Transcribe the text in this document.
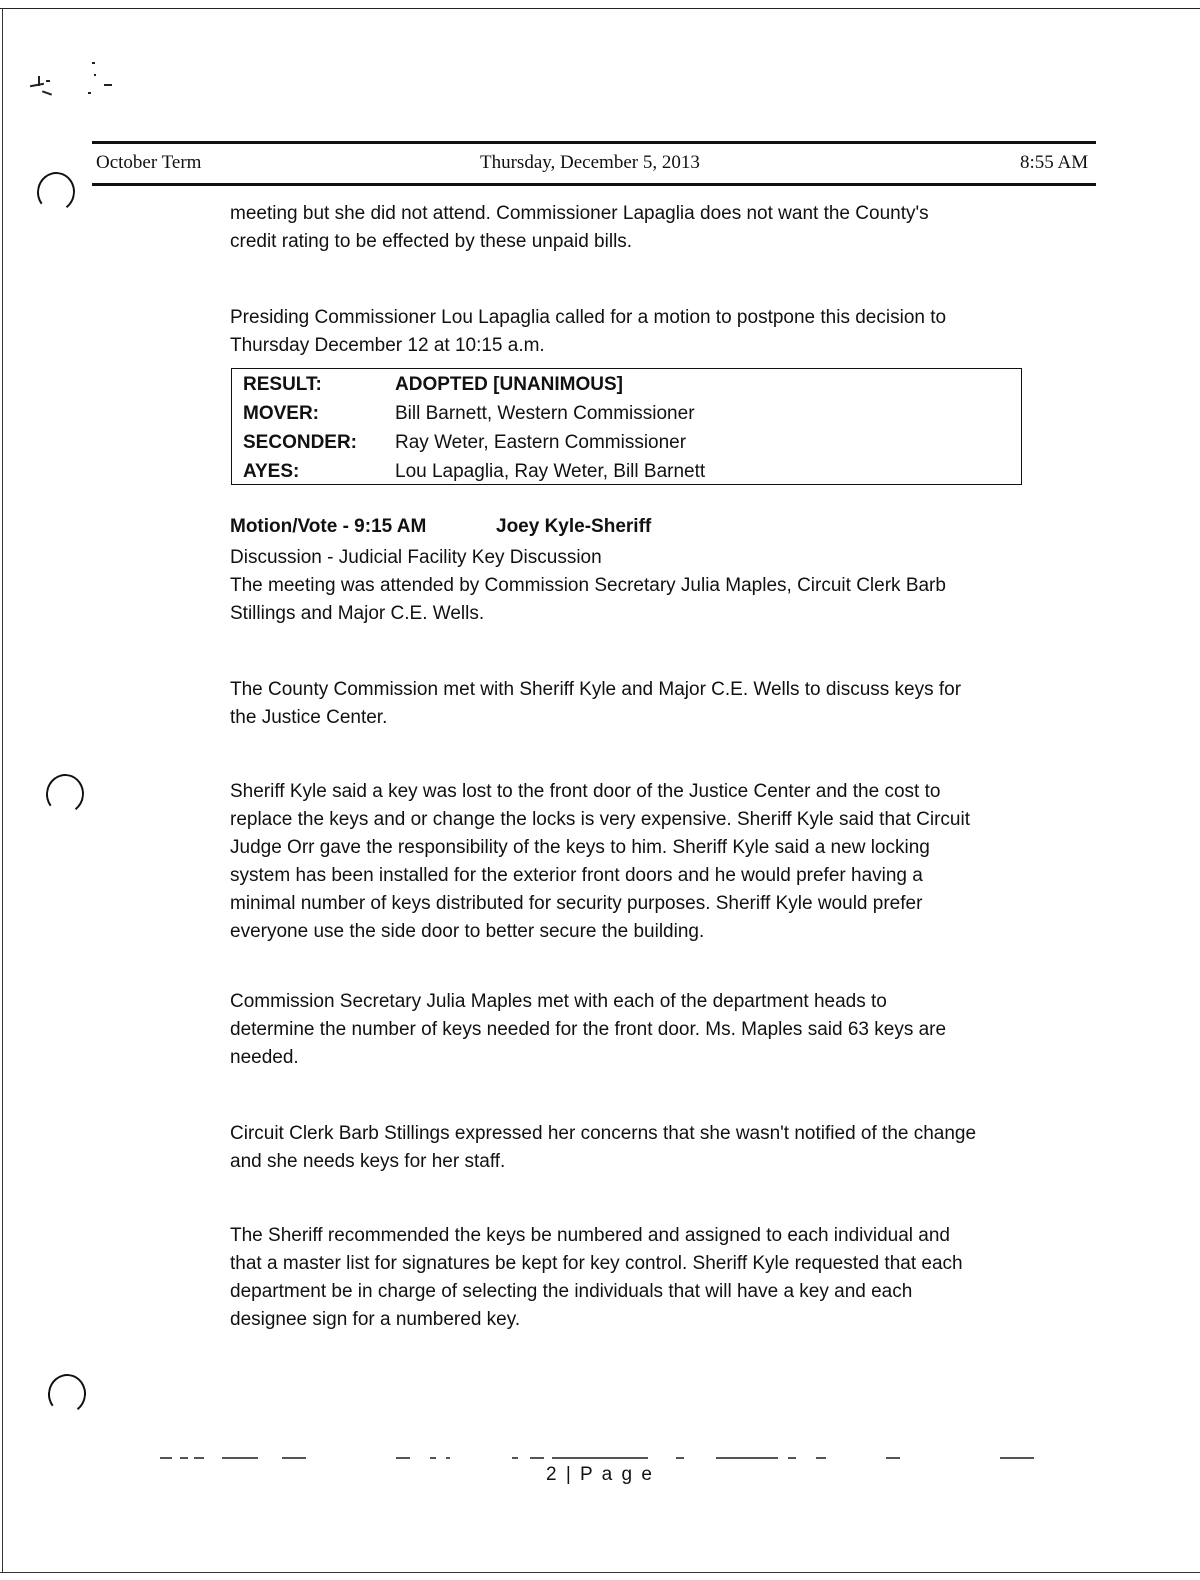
October Term	Thursday, December 5, 2013	8:55 AM
meeting but she did not attend. Commissioner Lapaglia does not want the County's
credit rating to be effected by these unpaid bills.
Presiding Commissioner Lou Lapaglia called for a motion to postpone this decision to
Thursday December 12 at 10:15 a.m.
RESULT:	ADOPTED [UNANIMOUS]
MOVER:	Bill Barnett, Western Commissioner
SECONDER: Ray Weter, Eastern Commissioner
AYES:	Lou Lapaglia, Ray Weter, Bill Barnett
Motion/Vote - 9:15 AM	Joey Kyle-Sheriff
Discussion - Judicial Facility Key Discussion
The meeting was attended by Commission Secretary Julia Maples, Circuit Clerk Barb
Stillings and Major C.E. Wells.
The County Commission met with Sheriff Kyle and Major C.E. Wells to discuss keys for
the Justice Center.
Sheriff Kyle said a key was lost to the front door of the Justice Center and the cost to
replace the keys and or change the locks is very expensive. Sheriff Kyle said that Circuit
Judge Orr gave the responsibility of the keys to him. Sheriff Kyle said a new locking
system has been installed for the exterior front doors and he would prefer having a
minimal number of keys distributed for security purposes. Sheriff Kyle would prefer
everyone use the side door to better secure the building.
Commission Secretary Julia Maples met with each of the department heads to
determine the number of keys needed for the front door. Ms. Maples said 63 keys are
needed.
Circuit Clerk Barb Stillings expressed her concerns that she wasn't notified of the change
and she needs keys for her staff.
The Sheriff recommended the keys be numbered and assigned to each individual and
that a master list for signatures be kept for key control. Sheriff Kyle requested that each
department be in charge of selecting the individuals that will have a key and each
designee sign for a numbered key.
2 | P a g e
